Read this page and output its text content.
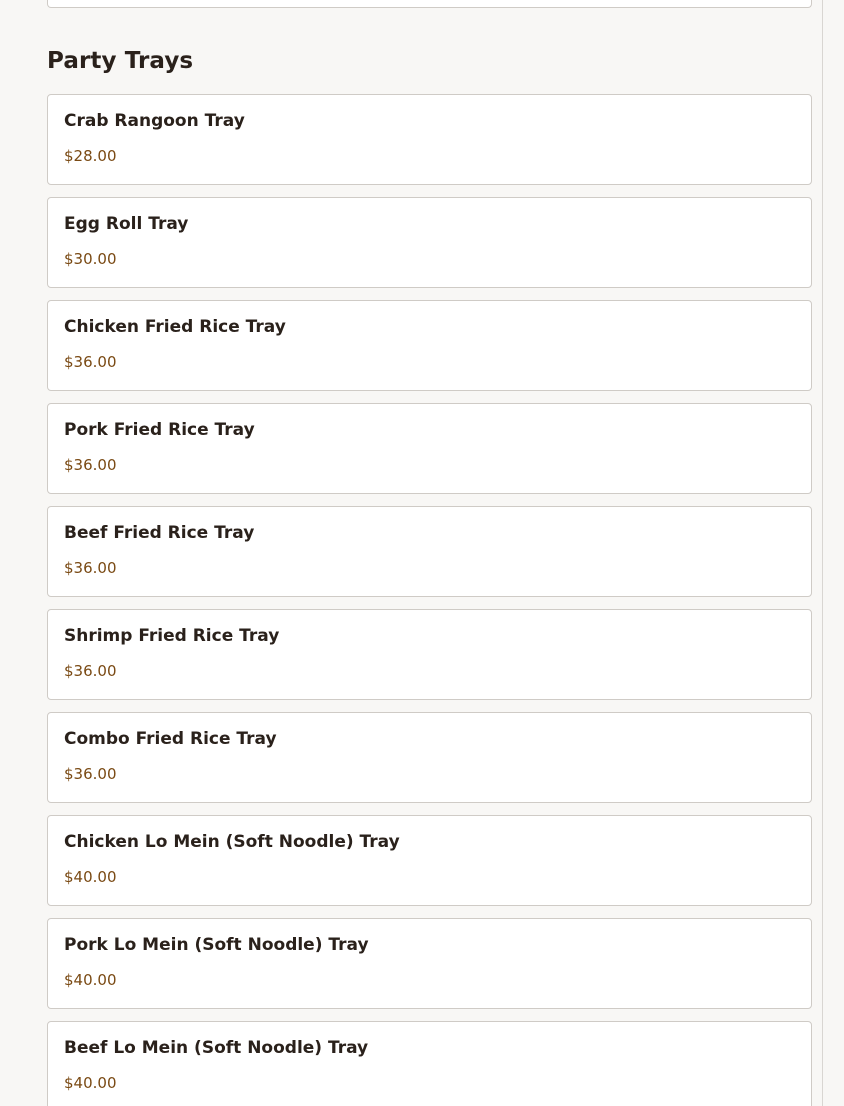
Party Trays
Crab Rangoon Tray
$28.00
Egg Roll Tray
$30.00
Chicken Fried Rice Tray
$36.00
Pork Fried Rice Tray
$36.00
Beef Fried Rice Tray
$36.00
Shrimp Fried Rice Tray
$36.00
Combo Fried Rice Tray
$36.00
Chicken Lo Mein (Soft Noodle) Tray
$40.00
Pork Lo Mein (Soft Noodle) Tray
$40.00
Beef Lo Mein (Soft Noodle) Tray
$40.00
